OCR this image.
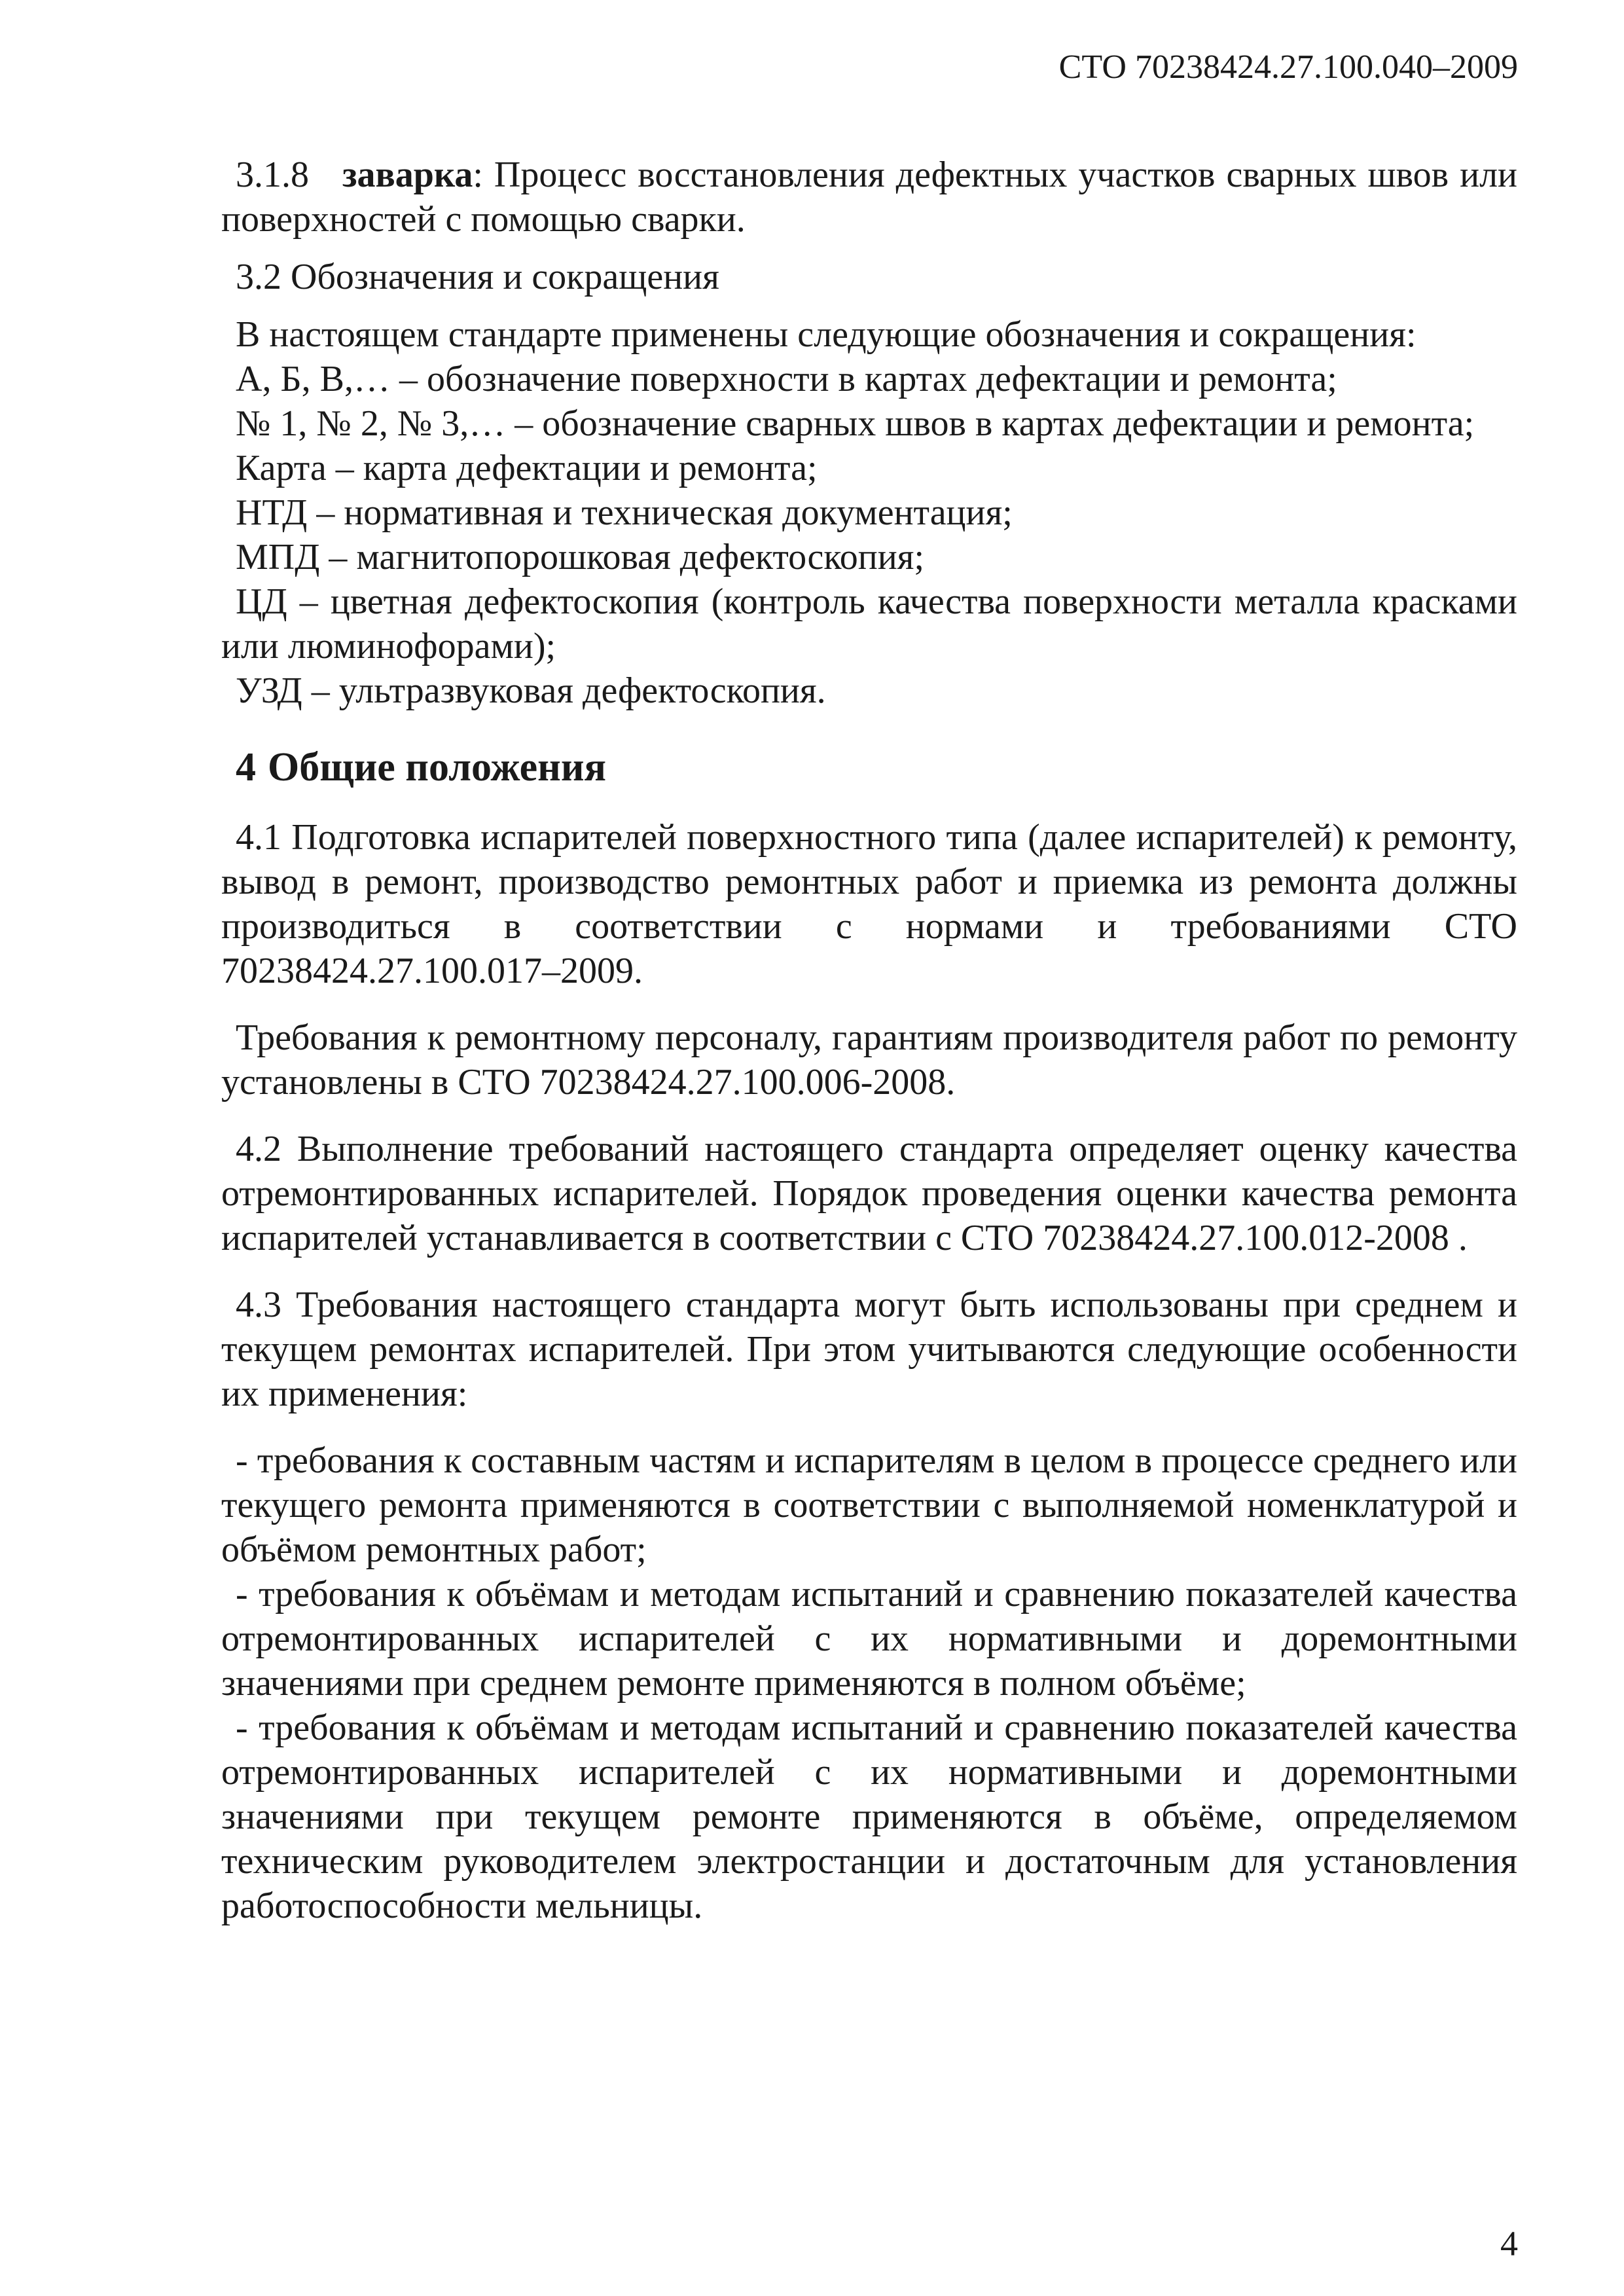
СТО 70238424.27.100.040–2009

3.1.8 заварка: Процесс восстановления дефектных участков сварных швов или поверхностей с помощью сварки.

3.2 Обозначения и сокращения

В настоящем стандарте применены следующие обозначения и сокращения:

А, Б, В,… – обозначение поверхности в картах дефектации и ремонта;

№ 1, № 2, № 3,… – обозначение сварных швов в картах дефектации и ремонта;

Карта – карта дефектации и ремонта;

НТД – нормативная и техническая документация;

МПД – магнитопорошковая дефектоскопия;

ЦД – цветная дефектоскопия (контроль качества поверхности металла красками или люминофорами);

УЗД – ультразвуковая дефектоскопия.

4 Общие положения

4.1 Подготовка испарителей поверхностного типа (далее испарителей) к ремонту, вывод в ремонт, производство ремонтных работ и приемка из ремонта должны производиться в соответствии с нормами и требованиями СТО 70238424.27.100.017–2009.

Требования к ремонтному персоналу, гарантиям производителя работ по ремонту установлены в СТО 70238424.27.100.006-2008.

4.2 Выполнение требований настоящего стандарта определяет оценку качества отремонтированных испарителей. Порядок проведения оценки качества ремонта испарителей устанавливается в соответствии с СТО 70238424.27.100.012-2008 .

4.3 Требования настоящего стандарта могут быть использованы при среднем и текущем ремонтах испарителей. При этом учитываются следующие особенности их применения:

- требования к составным частям и испарителям в целом в процессе среднего или текущего ремонта применяются в соответствии с выполняемой номенклатурой и объёмом ремонтных работ;

- требования к объёмам и методам испытаний и сравнению показателей качества отремонтированных испарителей с их нормативными и доремонтными значениями при среднем ремонте применяются в полном объёме;

- требования к объёмам и методам испытаний и сравнению показателей качества отремонтированных испарителей с их нормативными и доремонтными значениями при текущем ремонте применяются в объёме, определяемом техническим руководителем электростанции и достаточным для установления работоспособности мельницы.

4
